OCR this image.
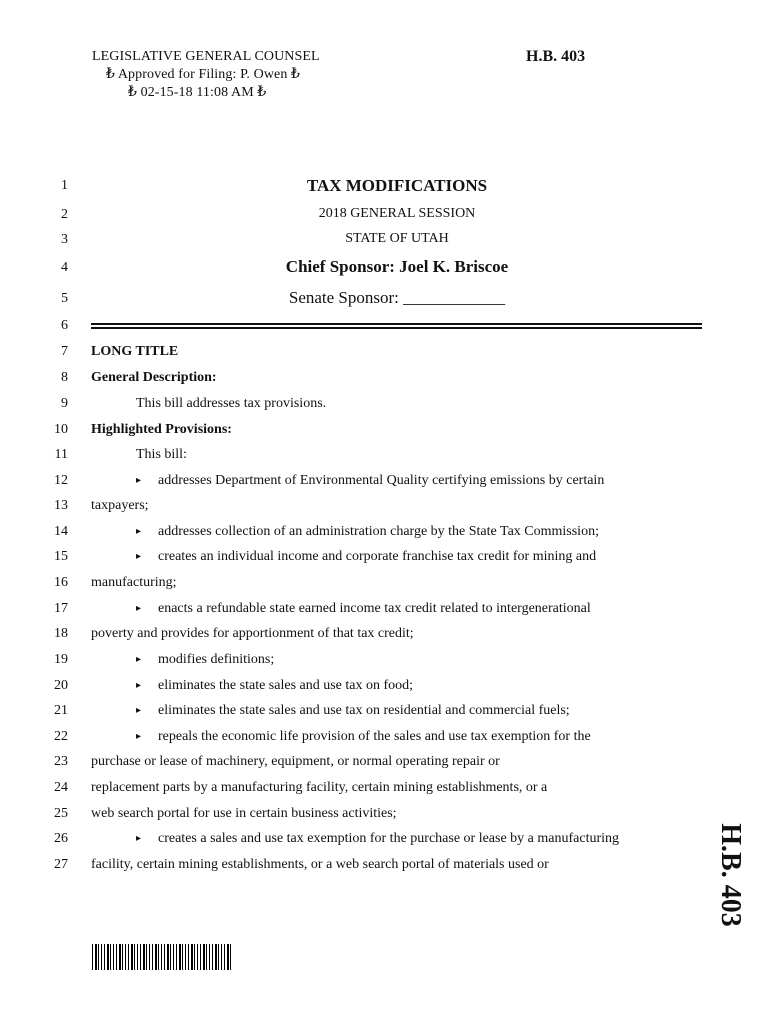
LEGISLATIVE GENERAL COUNSEL
₺ Approved for Filing: P. Owen ₺
₺ 02-15-18 11:08 AM ₺
H.B. 403
1
2
3
4
5
6
7
8
9
10
11
12
13
14
15
16
17
18
19
20
21
22
23
24
25
26
27
TAX MODIFICATIONS
2018 GENERAL SESSION
STATE OF UTAH
Chief Sponsor: Joel K. Briscoe
Senate Sponsor: ____________
LONG TITLE
General Description:
This bill addresses tax provisions.
Highlighted Provisions:
This bill:
▸ addresses Department of Environmental Quality certifying emissions by certain
taxpayers;
▸ addresses collection of an administration charge by the State Tax Commission;
▸ creates an individual income and corporate franchise tax credit for mining and
manufacturing;
▸ enacts a refundable state earned income tax credit related to intergenerational
poverty and provides for apportionment of that tax credit;
▸ modifies definitions;
▸ eliminates the state sales and use tax on food;
▸ eliminates the state sales and use tax on residential and commercial fuels;
▸ repeals the economic life provision of the sales and use tax exemption for the
purchase or lease of machinery, equipment, or normal operating repair or
replacement parts by a manufacturing facility, certain mining establishments, or a
web search portal for use in certain business activities;
▸ creates a sales and use tax exemption for the purchase or lease by a manufacturing
facility, certain mining establishments, or a web search portal of materials used or	H.B. 403
